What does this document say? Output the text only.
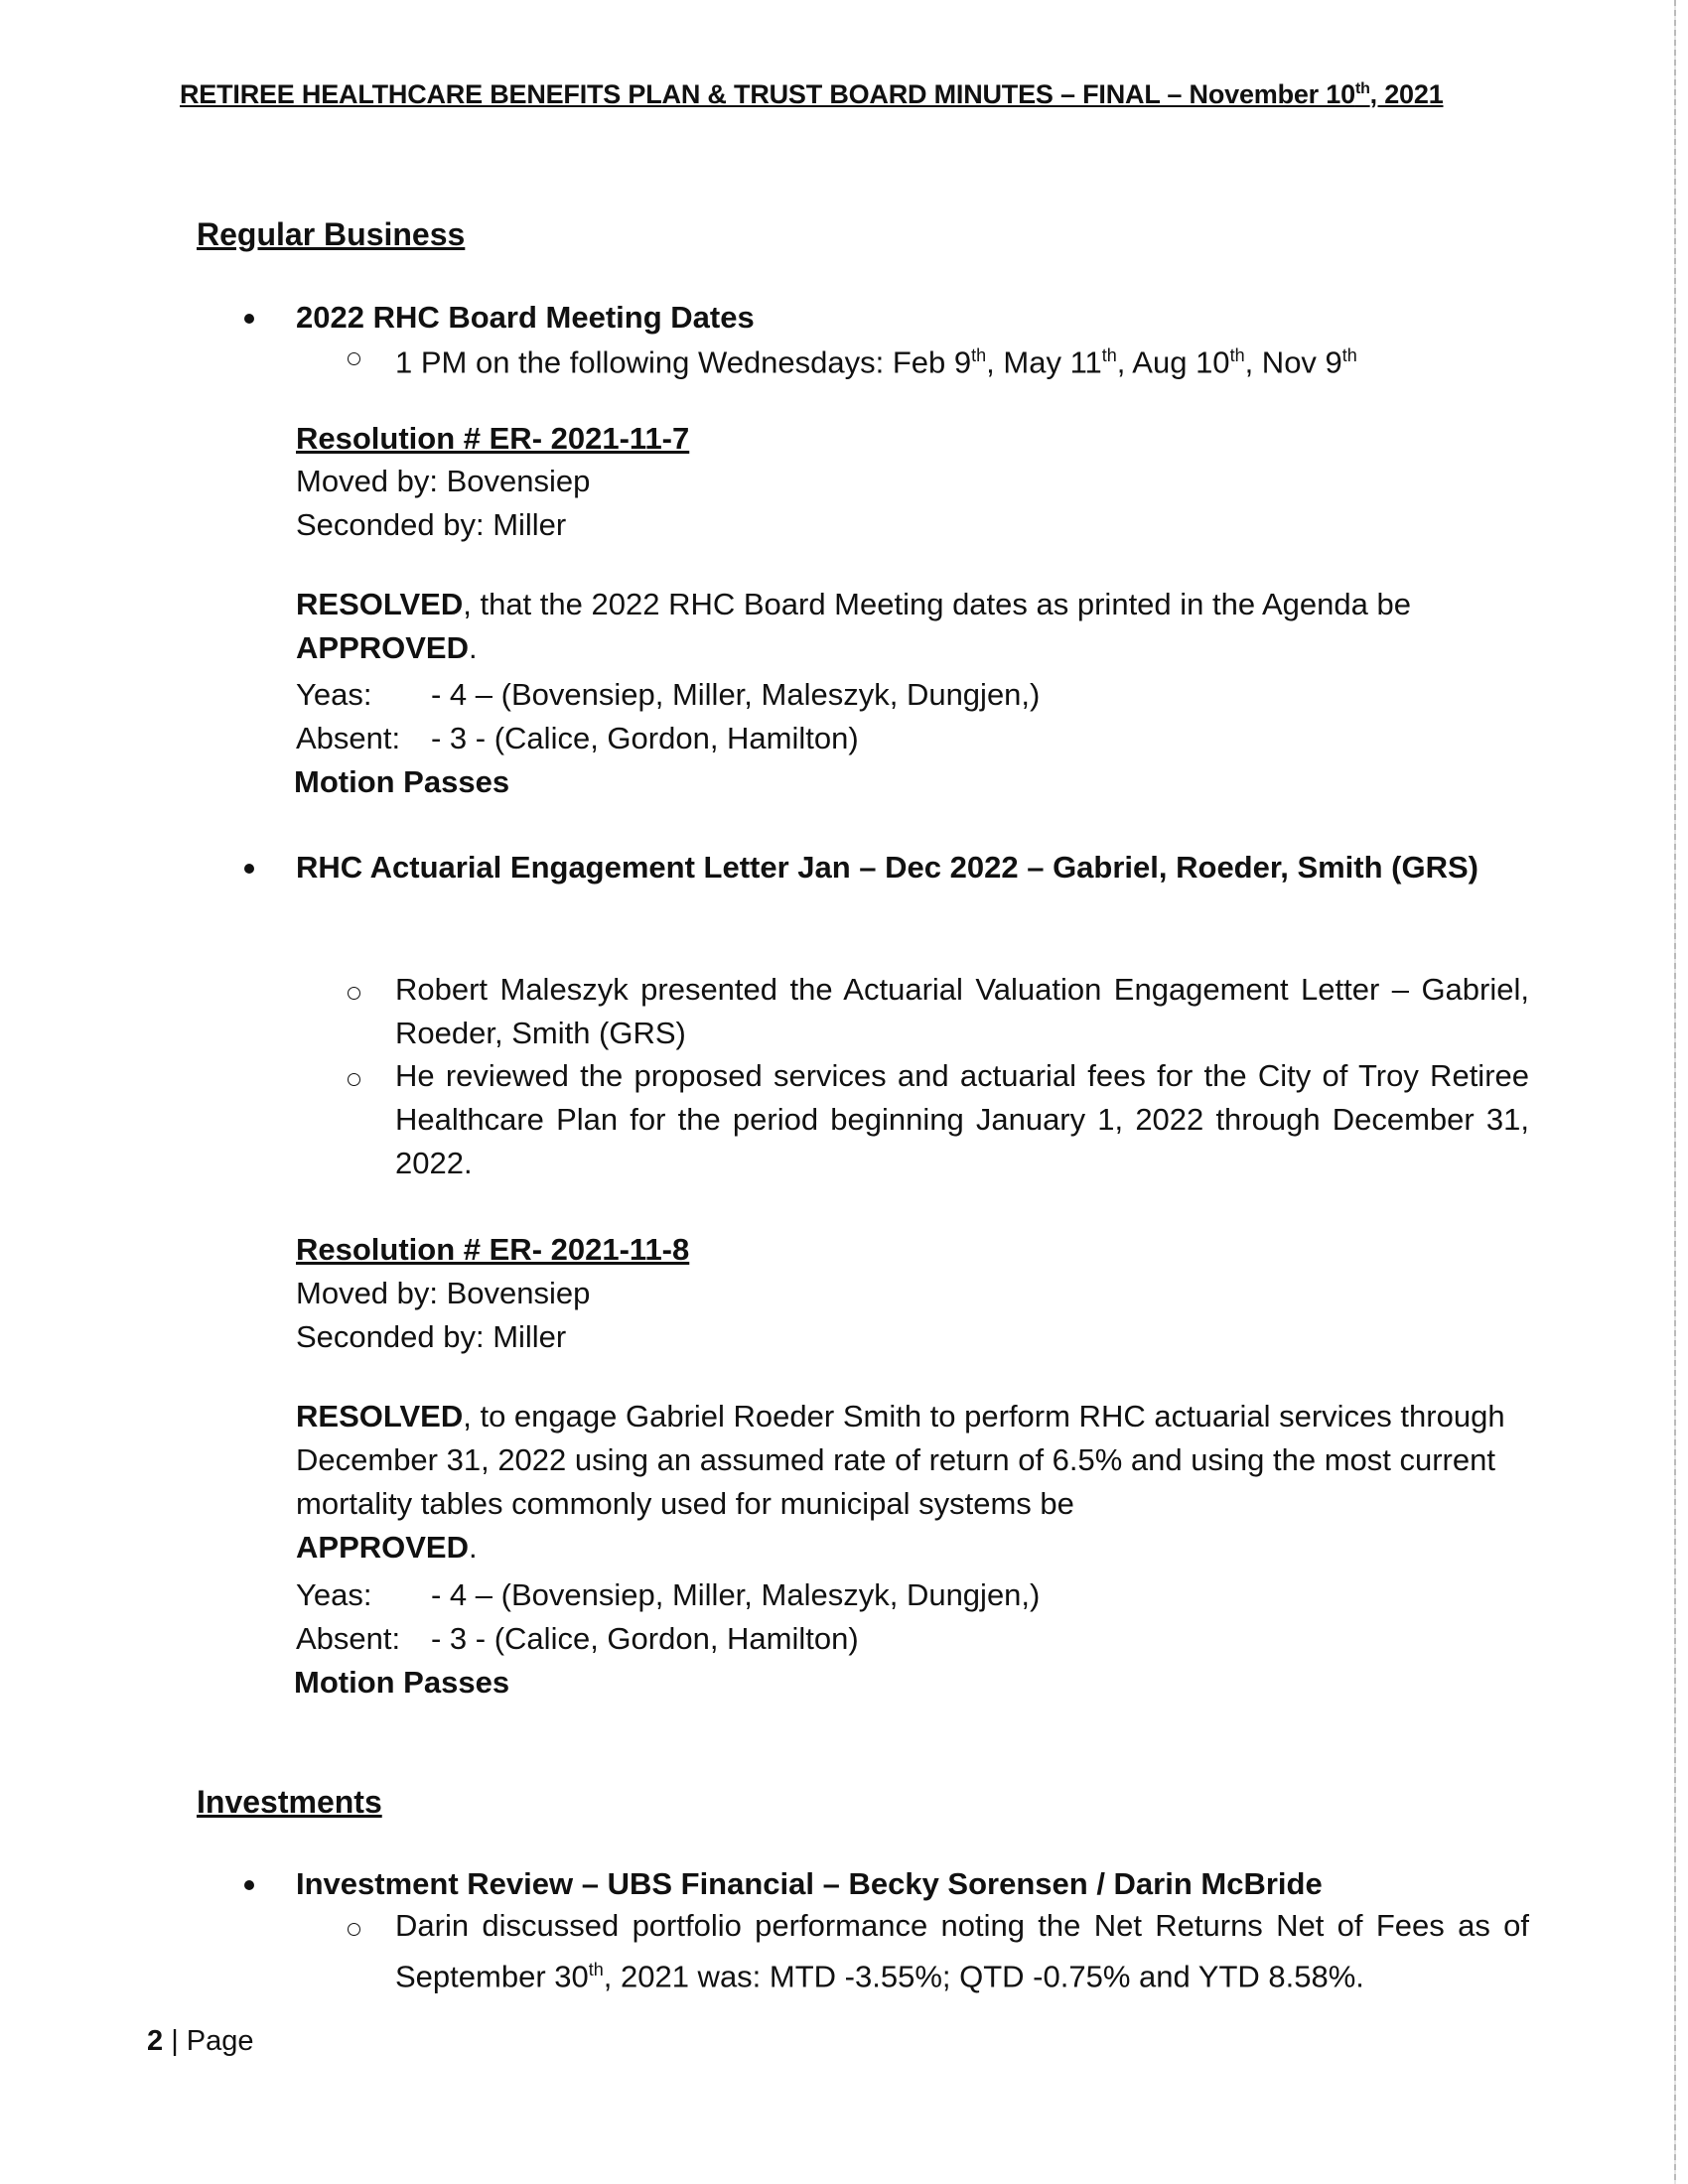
RETIREE HEALTHCARE BENEFITS PLAN & TRUST BOARD MINUTES – FINAL – November 10th, 2021
Regular Business
2022 RHC Board Meeting Dates
1 PM on the following Wednesdays: Feb 9th, May 11th, Aug 10th, Nov 9th
Resolution # ER- 2021-11-7
Moved by: Bovensiep
Seconded by: Miller
RESOLVED, that the 2022 RHC Board Meeting dates as printed in the Agenda be
APPROVED.
Yeas: - 4 – (Bovensiep, Miller, Maleszyk, Dungjen,)
Absent: - 3 - (Calice, Gordon, Hamilton)
Motion Passes
RHC Actuarial Engagement Letter Jan – Dec 2022 – Gabriel, Roeder, Smith (GRS)
Robert Maleszyk presented the Actuarial Valuation Engagement Letter – Gabriel, Roeder, Smith (GRS)
He reviewed the proposed services and actuarial fees for the City of Troy Retiree Healthcare Plan for the period beginning January 1, 2022 through December 31, 2022.
Resolution # ER- 2021-11-8
Moved by: Bovensiep
Seconded by: Miller
RESOLVED, to engage Gabriel Roeder Smith to perform RHC actuarial services through December 31, 2022 using an assumed rate of return of 6.5% and using the most current mortality tables commonly used for municipal systems be
APPROVED.
Yeas: - 4 – (Bovensiep, Miller, Maleszyk, Dungjen,)
Absent: - 3 - (Calice, Gordon, Hamilton)
Motion Passes
Investments
Investment Review – UBS Financial – Becky Sorensen / Darin McBride
Darin discussed portfolio performance noting the Net Returns Net of Fees as of September 30th, 2021 was: MTD -3.55%; QTD -0.75% and YTD 8.58%.
2 | Page
